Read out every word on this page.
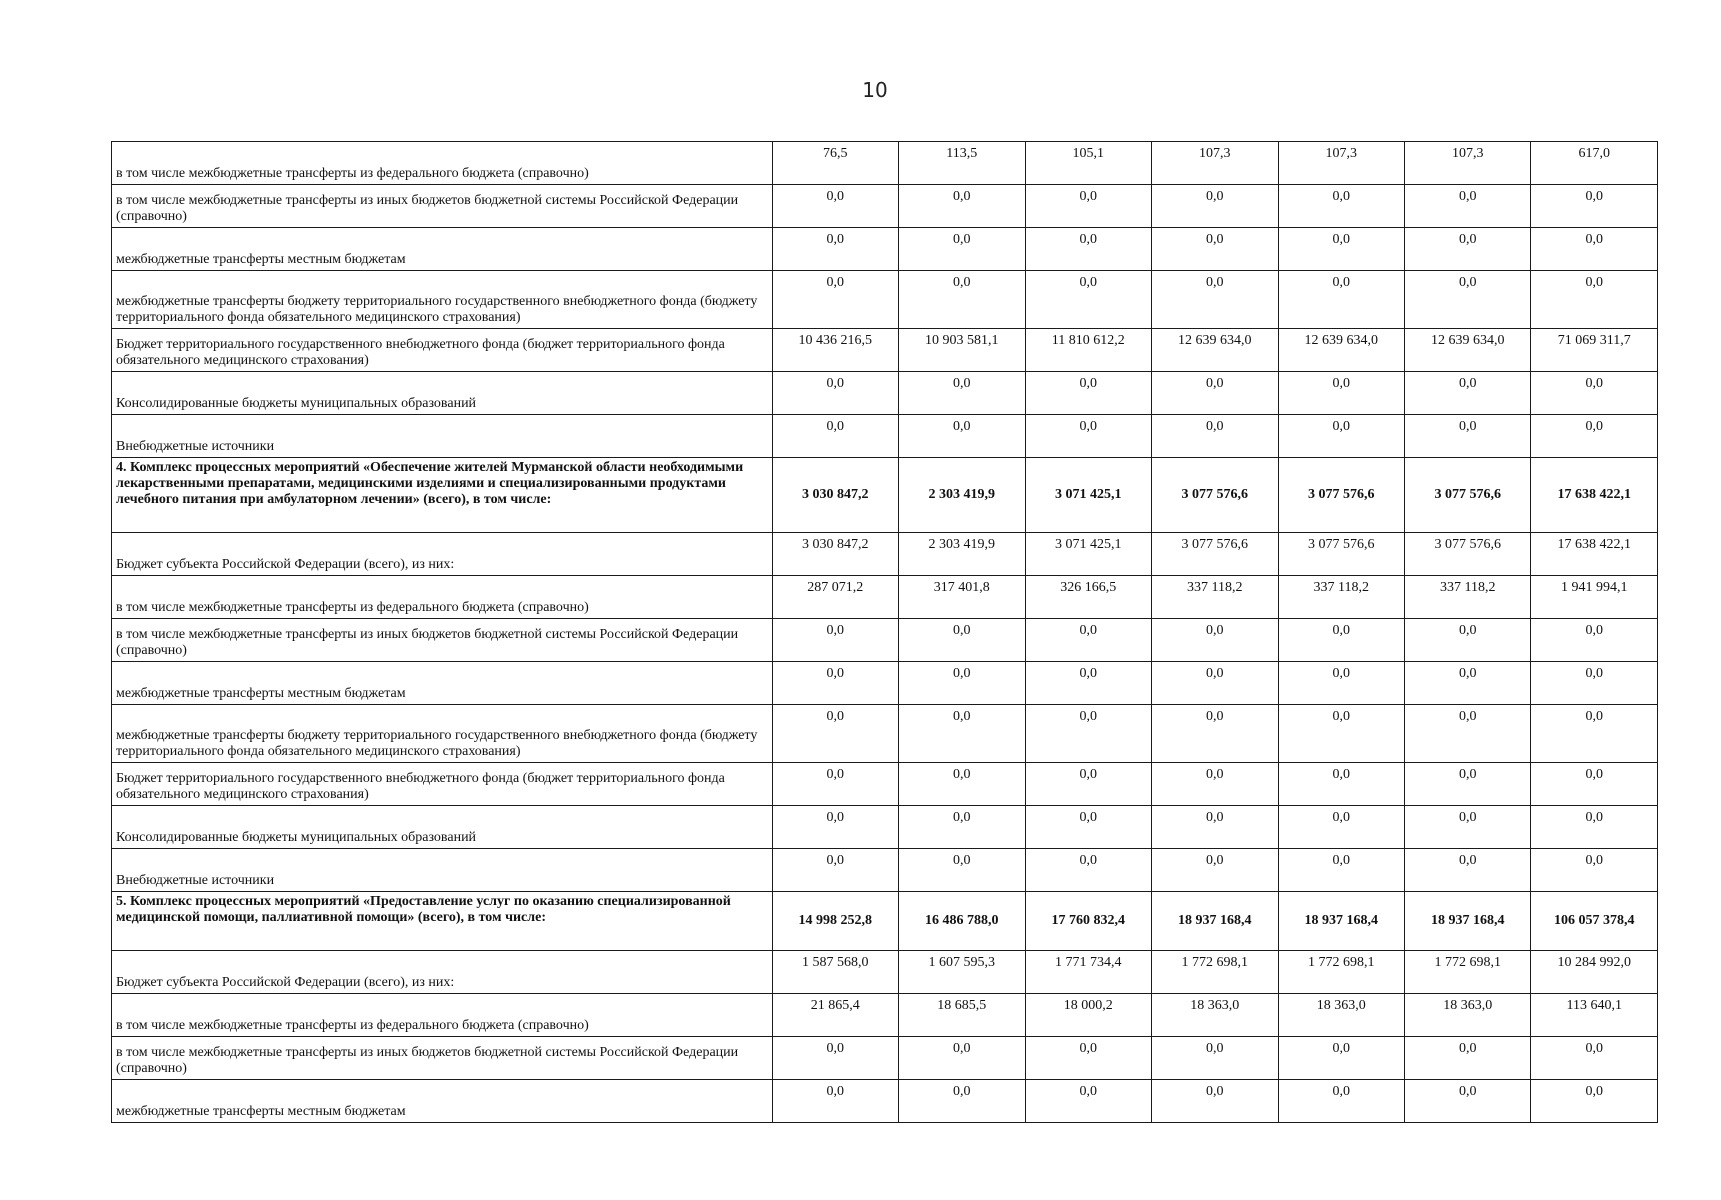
10
в том числе межбюджетные трансферты из федерального бюджета (справочно)	76,5	113,5	105,1	107,3	107,3	107,3	617,0
в том числе межбюджетные трансферты из иных бюджетов бюджетной системы Российской Федерации (справочно)	0,0	0,0	0,0	0,0	0,0	0,0	0,0
межбюджетные трансферты местным бюджетам	0,0	0,0	0,0	0,0	0,0	0,0	0,0
межбюджетные трансферты бюджету территориального государственного внебюджетного фонда (бюджету территориального фонда обязательного медицинского страхования)	0,0	0,0	0,0	0,0	0,0	0,0	0,0
Бюджет территориального государственного внебюджетного фонда (бюджет территориального фонда обязательного медицинского страхования)	10 436 216,5	10 903 581,1	11 810 612,2	12 639 634,0	12 639 634,0	12 639 634,0	71 069 311,7
Консолидированные бюджеты муниципальных образований	0,0	0,0	0,0	0,0	0,0	0,0	0,0
Внебюджетные источники	0,0	0,0	0,0	0,0	0,0	0,0	0,0
4. Комплекс процессных мероприятий «Обеспечение жителей Мурманской области необходимыми лекарственными препаратами, медицинскими изделиями и специализированными продуктами лечебного питания при амбулаторном лечении» (всего), в том числе:	3 030 847,2	2 303 419,9	3 071 425,1	3 077 576,6	3 077 576,6	3 077 576,6	17 638 422,1
Бюджет субъекта Российской Федерации (всего), из них:	3 030 847,2	2 303 419,9	3 071 425,1	3 077 576,6	3 077 576,6	3 077 576,6	17 638 422,1
в том числе межбюджетные трансферты из федерального бюджета (справочно)	287 071,2	317 401,8	326 166,5	337 118,2	337 118,2	337 118,2	1 941 994,1
в том числе межбюджетные трансферты из иных бюджетов бюджетной системы Российской Федерации (справочно)	0,0	0,0	0,0	0,0	0,0	0,0	0,0
межбюджетные трансферты местным бюджетам	0,0	0,0	0,0	0,0	0,0	0,0	0,0
межбюджетные трансферты бюджету территориального государственного внебюджетного фонда (бюджету территориального фонда обязательного медицинского страхования)	0,0	0,0	0,0	0,0	0,0	0,0	0,0
Бюджет территориального государственного внебюджетного фонда (бюджет территориального фонда обязательного медицинского страхования)	0,0	0,0	0,0	0,0	0,0	0,0	0,0
Консолидированные бюджеты муниципальных образований	0,0	0,0	0,0	0,0	0,0	0,0	0,0
Внебюджетные источники	0,0	0,0	0,0	0,0	0,0	0,0	0,0
5. Комплекс процессных мероприятий «Предоставление услуг по оказанию специализированной медицинской помощи, паллиативной помощи» (всего), в том числе:	14 998 252,8	16 486 788,0	17 760 832,4	18 937 168,4	18 937 168,4	18 937 168,4	106 057 378,4
Бюджет субъекта Российской Федерации (всего), из них:	1 587 568,0	1 607 595,3	1 771 734,4	1 772 698,1	1 772 698,1	1 772 698,1	10 284 992,0
в том числе межбюджетные трансферты из федерального бюджета (справочно)	21 865,4	18 685,5	18 000,2	18 363,0	18 363,0	18 363,0	113 640,1
в том числе межбюджетные трансферты из иных бюджетов бюджетной системы Российской Федерации (справочно)	0,0	0,0	0,0	0,0	0,0	0,0	0,0
межбюджетные трансферты местным бюджетам	0,0	0,0	0,0	0,0	0,0	0,0	0,0
